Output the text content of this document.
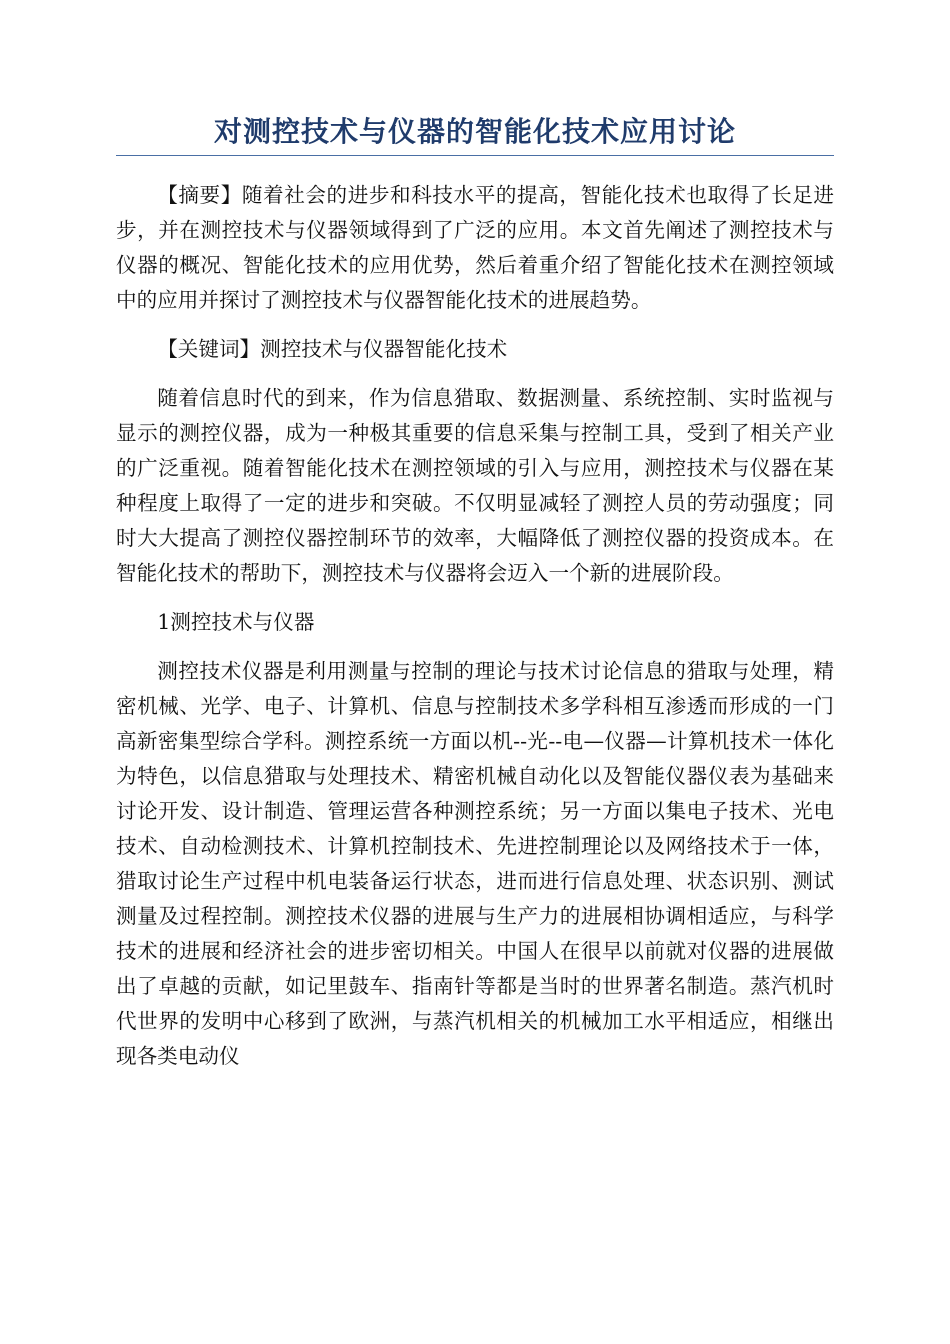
对测控技术与仪器的智能化技术应用讨论

【摘要】随着社会的进步和科技水平的提高，智能化技术也取得了长足进步，并在测控技术与仪器领域得到了广泛的应用。本文首先阐述了测控技术与仪器的概况、智能化技术的应用优势，然后着重介绍了智能化技术在测控领域中的应用并探讨了测控技术与仪器智能化技术的进展趋势。

【关键词】测控技术与仪器智能化技术

随着信息时代的到来，作为信息猎取、数据测量、系统控制、实时监视与显示的测控仪器，成为一种极其重要的信息采集与控制工具，受到了相关产业的广泛重视。随着智能化技术在测控领域的引入与应用，测控技术与仪器在某种程度上取得了一定的进步和突破。不仅明显减轻了测控人员的劳动强度；同时大大提高了测控仪器控制环节的效率，大幅降低了测控仪器的投资成本。在智能化技术的帮助下，测控技术与仪器将会迈入一个新的进展阶段。

1测控技术与仪器

测控技术仪器是利用测量与控制的理论与技术讨论信息的猎取与处理，精密机械、光学、电子、计算机、信息与控制技术多学科相互渗透而形成的一门高新密集型综合学科。测控系统一方面以机--光--电—仪器—计算机技术一体化为特色，以信息猎取与处理技术、精密机械自动化以及智能仪器仪表为基础来讨论开发、设计制造、管理运营各种测控系统；另一方面以集电子技术、光电技术、自动检测技术、计算机控制技术、先进控制理论以及网络技术于一体，猎取讨论生产过程中机电装备运行状态，进而进行信息处理、状态识别、测试测量及过程控制。测控技术仪器的进展与生产力的进展相协调相适应，与科学技术的进展和经济社会的进步密切相关。中国人在很早以前就对仪器的进展做出了卓越的贡献，如记里鼓车、指南针等都是当时的世界著名制造。蒸汽机时代世界的发明中心移到了欧洲，与蒸汽机相关的机械加工水平相适应，相继出现各类电动仪
